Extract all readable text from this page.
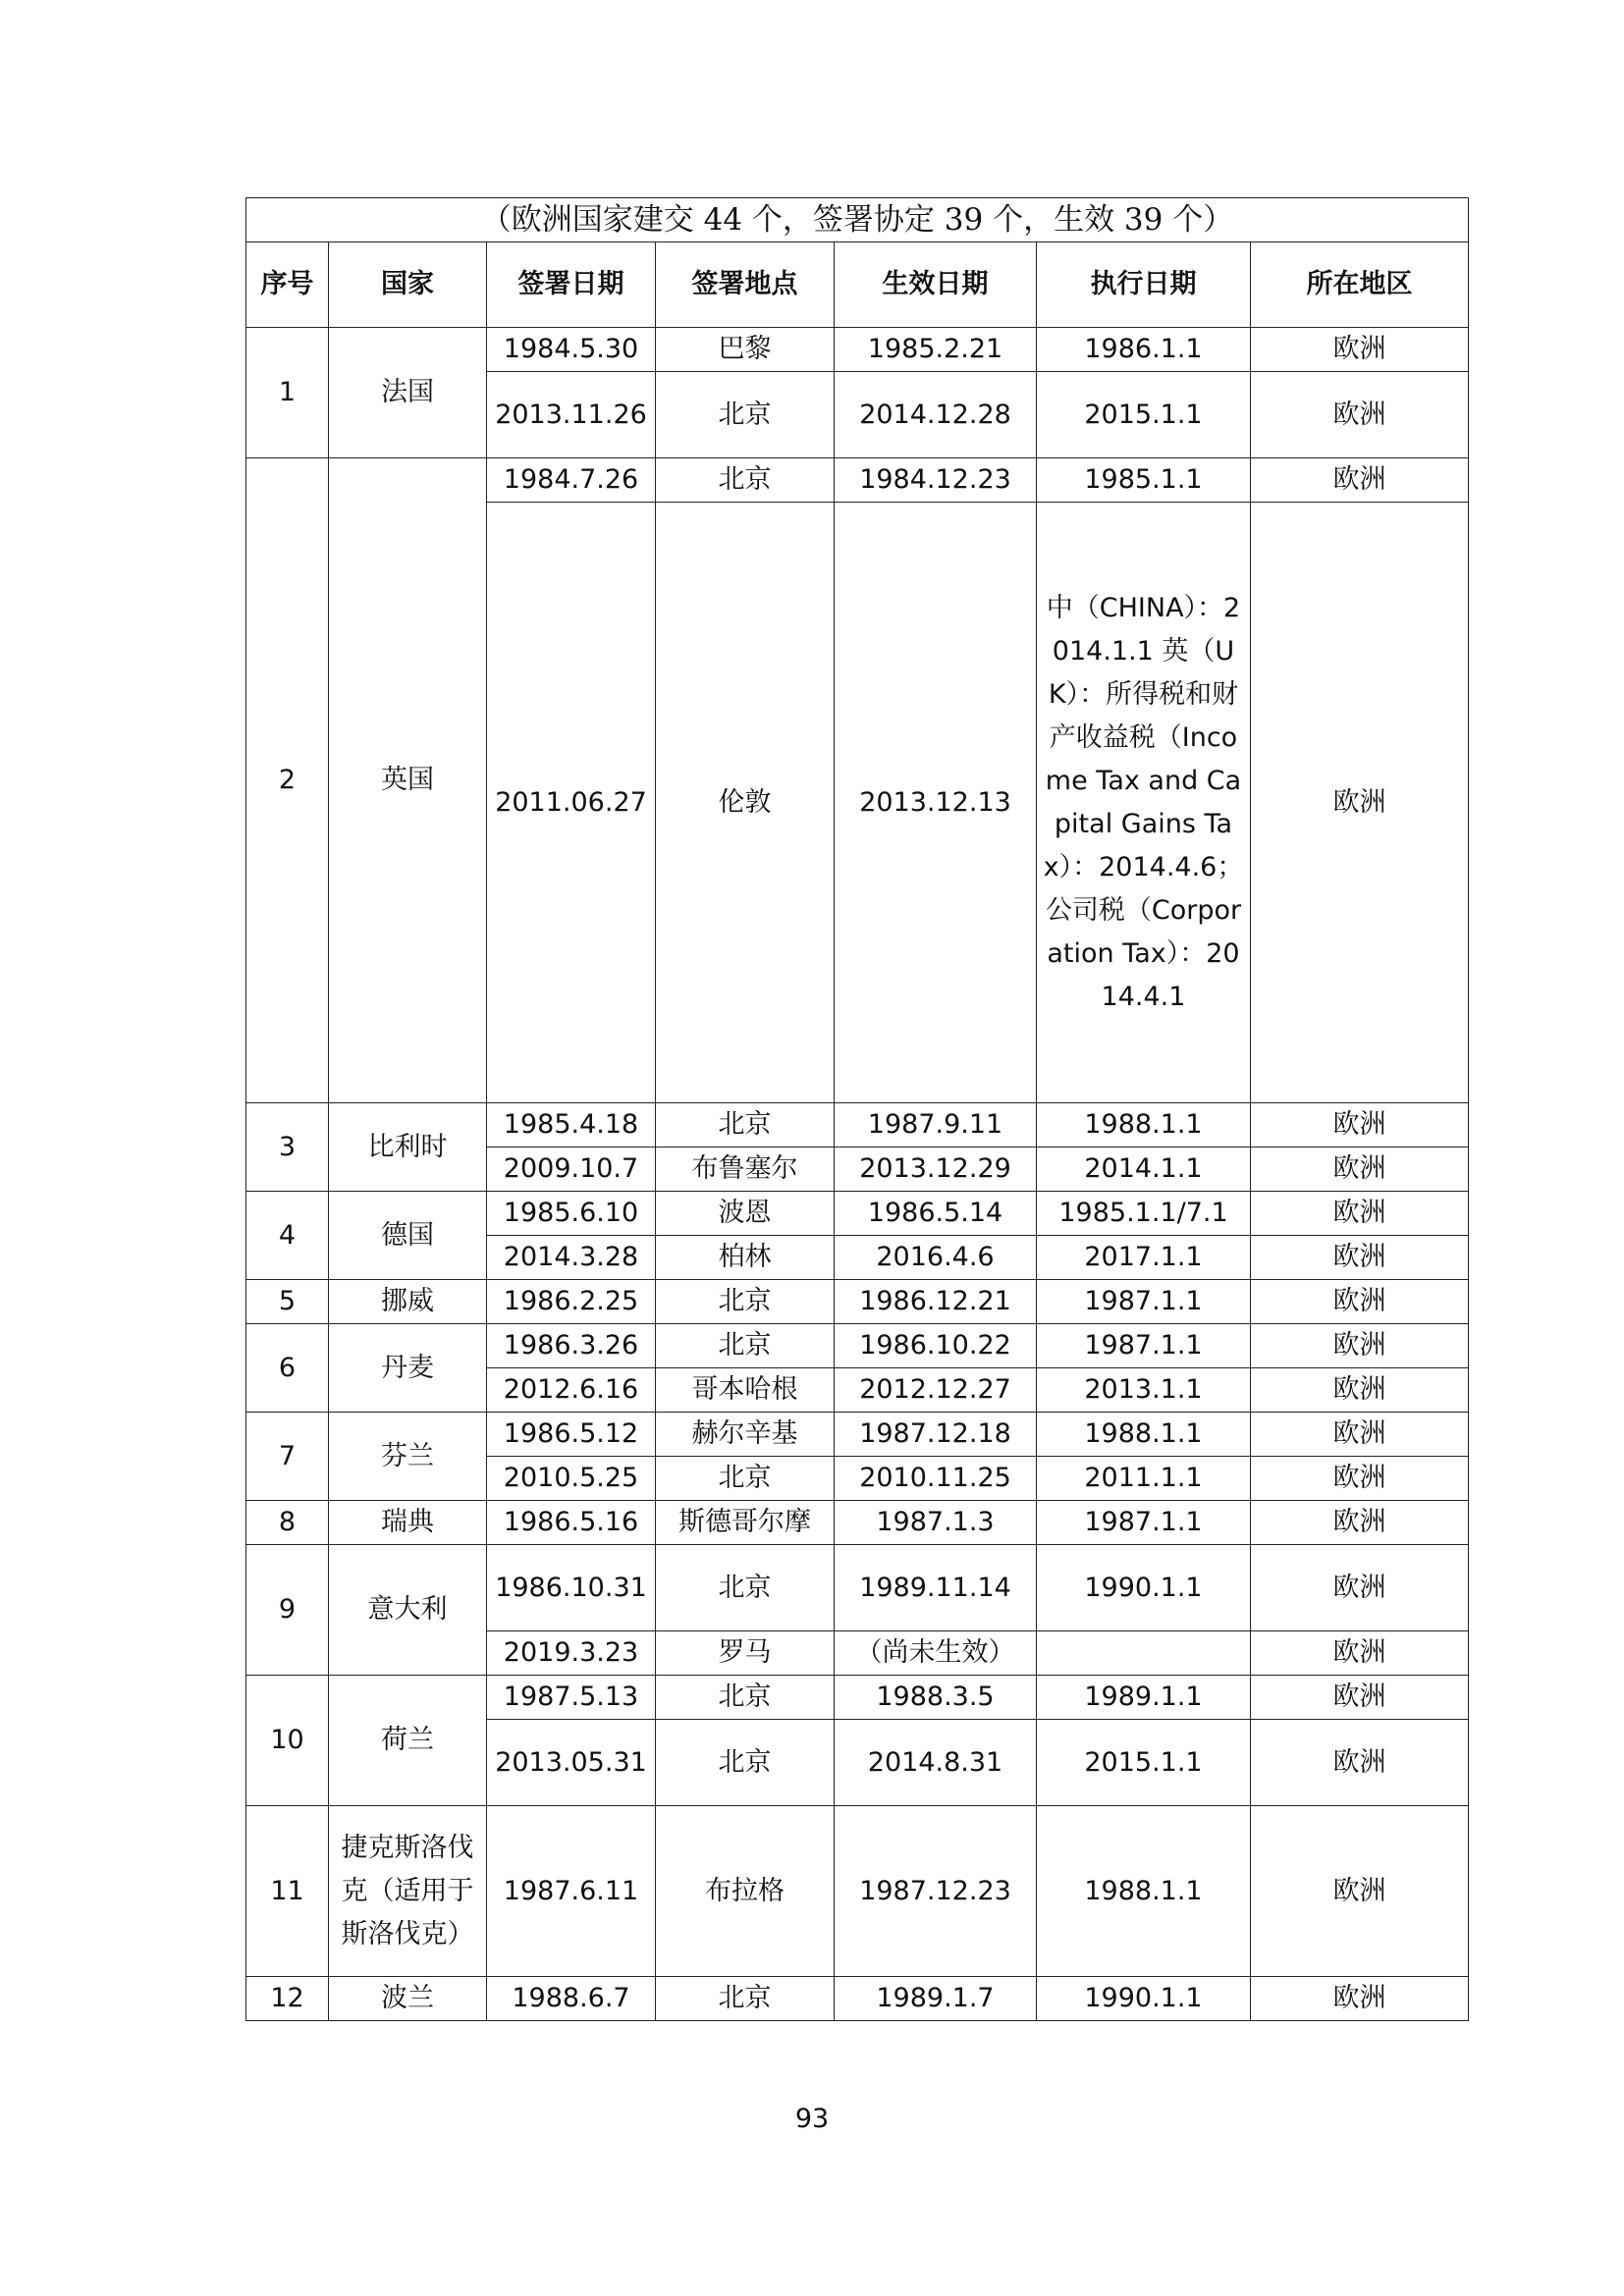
（欧洲国家建交 44 个，签署协定 39 个，生效 39 个）						
序号	国家	签署日期	签署地点	生效日期	执行日期	所在地区
1	法国	1984.5.30	巴黎	1985.2.21	1986.1.1	欧洲
		2013.11.26	北京	2014.12.28	2015.1.1	欧洲
2	英国	1984.7.26	北京	1984.12.23	1985.1.1	欧洲
		2011.06.27	伦敦	2013.12.13	中（CHINA）：2014.1.1 英（UK）：所得税和财产收益税（Income Tax and Capital Gains Tax）：2014.4.6；公司税（Corporation Tax）：2014.4.1	欧洲
3	比利时	1985.4.18	北京	1987.9.11	1988.1.1	欧洲
		2009.10.7	布鲁塞尔	2013.12.29	2014.1.1	欧洲
4	德国	1985.6.10	波恩	1986.5.14	1985.1.1/7.1	欧洲
		2014.3.28	柏林	2016.4.6	2017.1.1	欧洲
5	挪威	1986.2.25	北京	1986.12.21	1987.1.1	欧洲
6	丹麦	1986.3.26	北京	1986.10.22	1987.1.1	欧洲
		2012.6.16	哥本哈根	2012.12.27	2013.1.1	欧洲
7	芬兰	1986.5.12	赫尔辛基	1987.12.18	1988.1.1	欧洲
		2010.5.25	北京	2010.11.25	2011.1.1	欧洲
8	瑞典	1986.5.16	斯德哥尔摩	1987.1.3	1987.1.1	欧洲
9	意大利	1986.10.31	北京	1989.11.14	1990.1.1	欧洲
		2019.3.23	罗马	（尚未生效）		欧洲
10	荷兰	1987.5.13	北京	1988.3.5	1989.1.1	欧洲
		2013.05.31	北京	2014.8.31	2015.1.1	欧洲
11	捷克斯洛伐克（适用于斯洛伐克）	1987.6.11	布拉格	1987.12.23	1988.1.1	欧洲
12	波兰	1988.6.7	北京	1989.1.7	1990.1.1	欧洲
93
